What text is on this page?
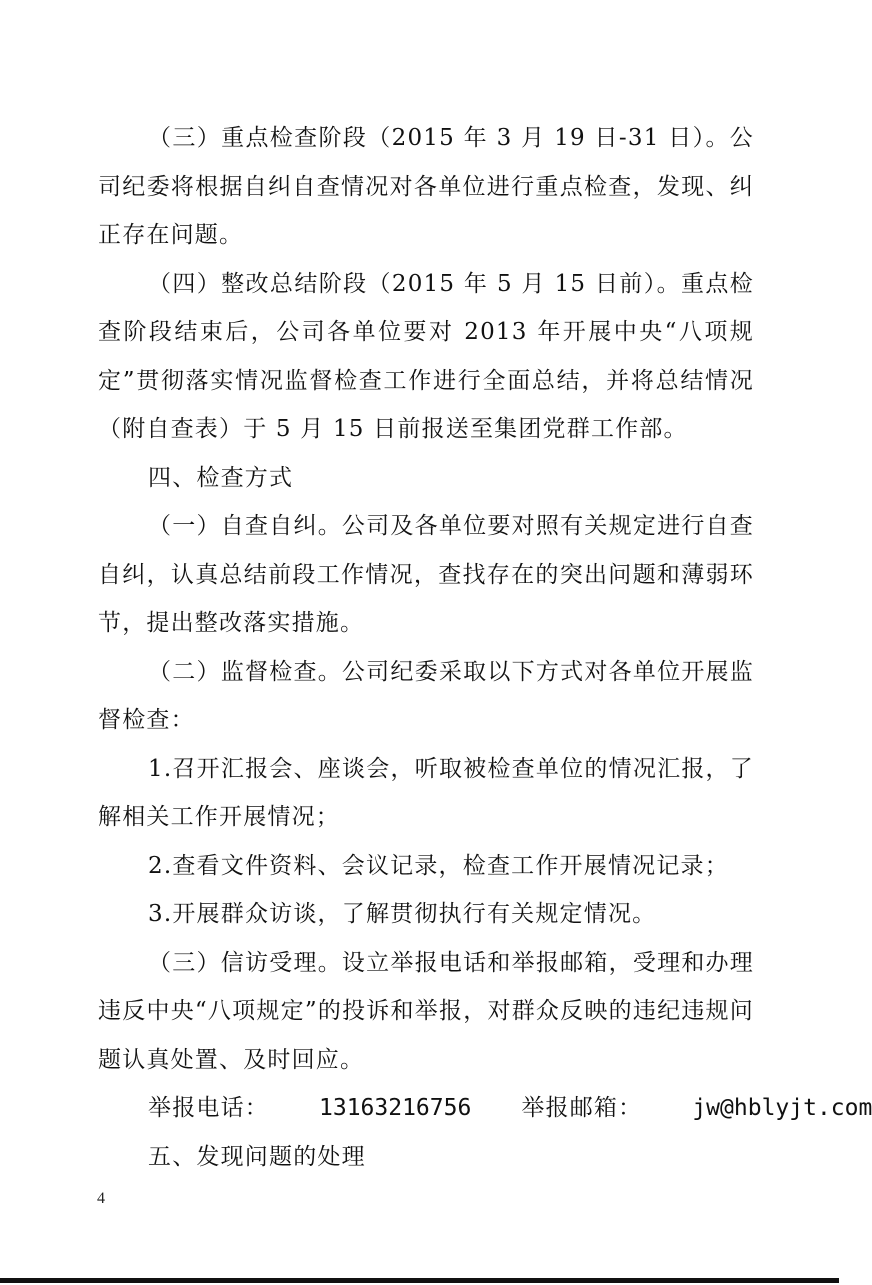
（三）重点检查阶段（2015 年 3 月 19 日-31 日）。公司纪委将根据自纠自查情况对各单位进行重点检查，发现、纠正存在问题。

（四）整改总结阶段（2015 年 5 月 15 日前）。重点检查阶段结束后，公司各单位要对 2013 年开展中央“八项规定”贯彻落实情况监督检查工作进行全面总结，并将总结情况（附自查表）于 5 月 15 日前报送至集团党群工作部。

四、检查方式

（一）自查自纠。公司及各单位要对照有关规定进行自查自纠，认真总结前段工作情况，查找存在的突出问题和薄弱环节，提出整改落实措施。

（二）监督检查。公司纪委采取以下方式对各单位开展监督检查：

1.召开汇报会、座谈会，听取被检查单位的情况汇报，了解相关工作开展情况；

2.查看文件资料、会议记录，检查工作开展情况记录；

3.开展群众访谈，了解贯彻执行有关规定情况。

（三）信访受理。设立举报电话和举报邮箱，受理和办理违反中央“八项规定”的投诉和举报，对群众反映的违纪违规问题认真处置、及时回应。

举报电话：	13163216756	举报邮箱：	jw@hblyjt.com

五、发现问题的处理

4
